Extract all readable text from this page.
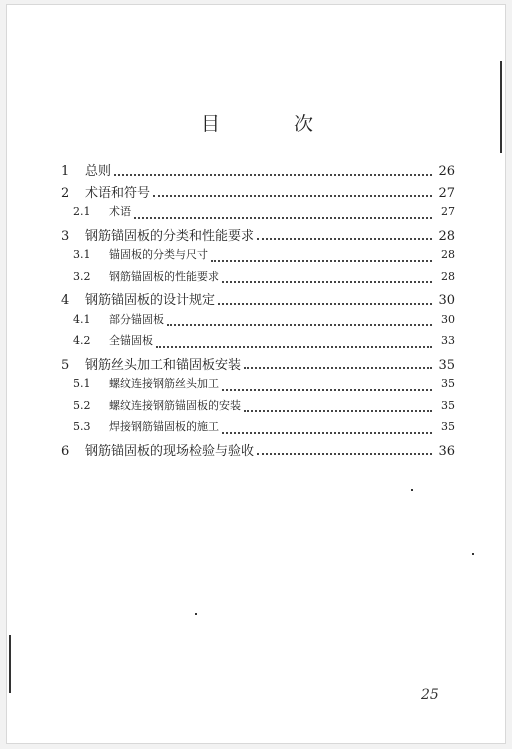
目 次
1	总则	26
2	术语和符号	27
2.1	术语	27
3	钢筋锚固板的分类和性能要求	28
3.1	锚固板的分类与尺寸	28
3.2	钢筋锚固板的性能要求	28
4	钢筋锚固板的设计规定	30
4.1	部分锚固板	30
4.2	全锚固板	33
5	钢筋丝头加工和锚固板安装	35
5.1	螺纹连接钢筋丝头加工	35
5.2	螺纹连接钢筋锚固板的安装	35
5.3	焊接钢筋锚固板的施工	35
6	钢筋锚固板的现场检验与验收	36
25
